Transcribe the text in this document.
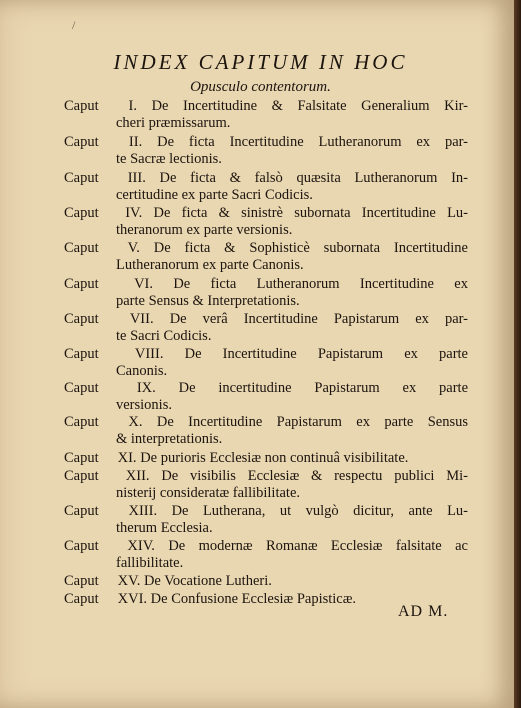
/
INDEX CAPITUM IN HOC
Opusculo contentorum.
Caput I. De Incertitudine & Falsitate Generalium Kir-
cheri præmissarum.
Caput II. De ficta Incertitudine Lutheranorum ex par-
te Sacræ lectionis.
Caput III. De ficta & falsò quæsita Lutheranorum In-
certitudine ex parte Sacri Codicis.
Caput IV. De ficta & sinistrè subornata Incertitudine Lu-
theranorum ex parte versionis.
Caput V. De ficta & Sophisticè subornata Incertitudine
Lutheranorum ex parte Canonis.
Caput VI. De ficta Lutheranorum Incertitudine ex
parte Sensus & Interpretationis.
Caput VII. De verâ Incertitudine Papistarum ex par-
te Sacri Codicis.
Caput VIII. De Incertitudine Papistarum ex parte
Canonis.
Caput	IX. De incertitudine Papistarum ex parte
versionis.
Caput X. De Incertitudine Papistarum ex parte Sensus
& interpretationis.
Caput XI. De purioris Ecclesiæ non continuâ visibilitate.
Caput XII. De visibilis Ecclesiæ & respectu publici Mi-
nisterij consideratæ fallibilitate.
Caput XIII. De Lutherana, ut vulgò dicitur, ante Lu-
therum Ecclesia.
Caput XIV. De modernæ Romanæ Ecclesiæ falsitate ac
fallibilitate.
Caput XV. De Vocatione Lutheri.
Caput XVI. De Confusione Ecclesiæ Papisticæ.
AD M.
